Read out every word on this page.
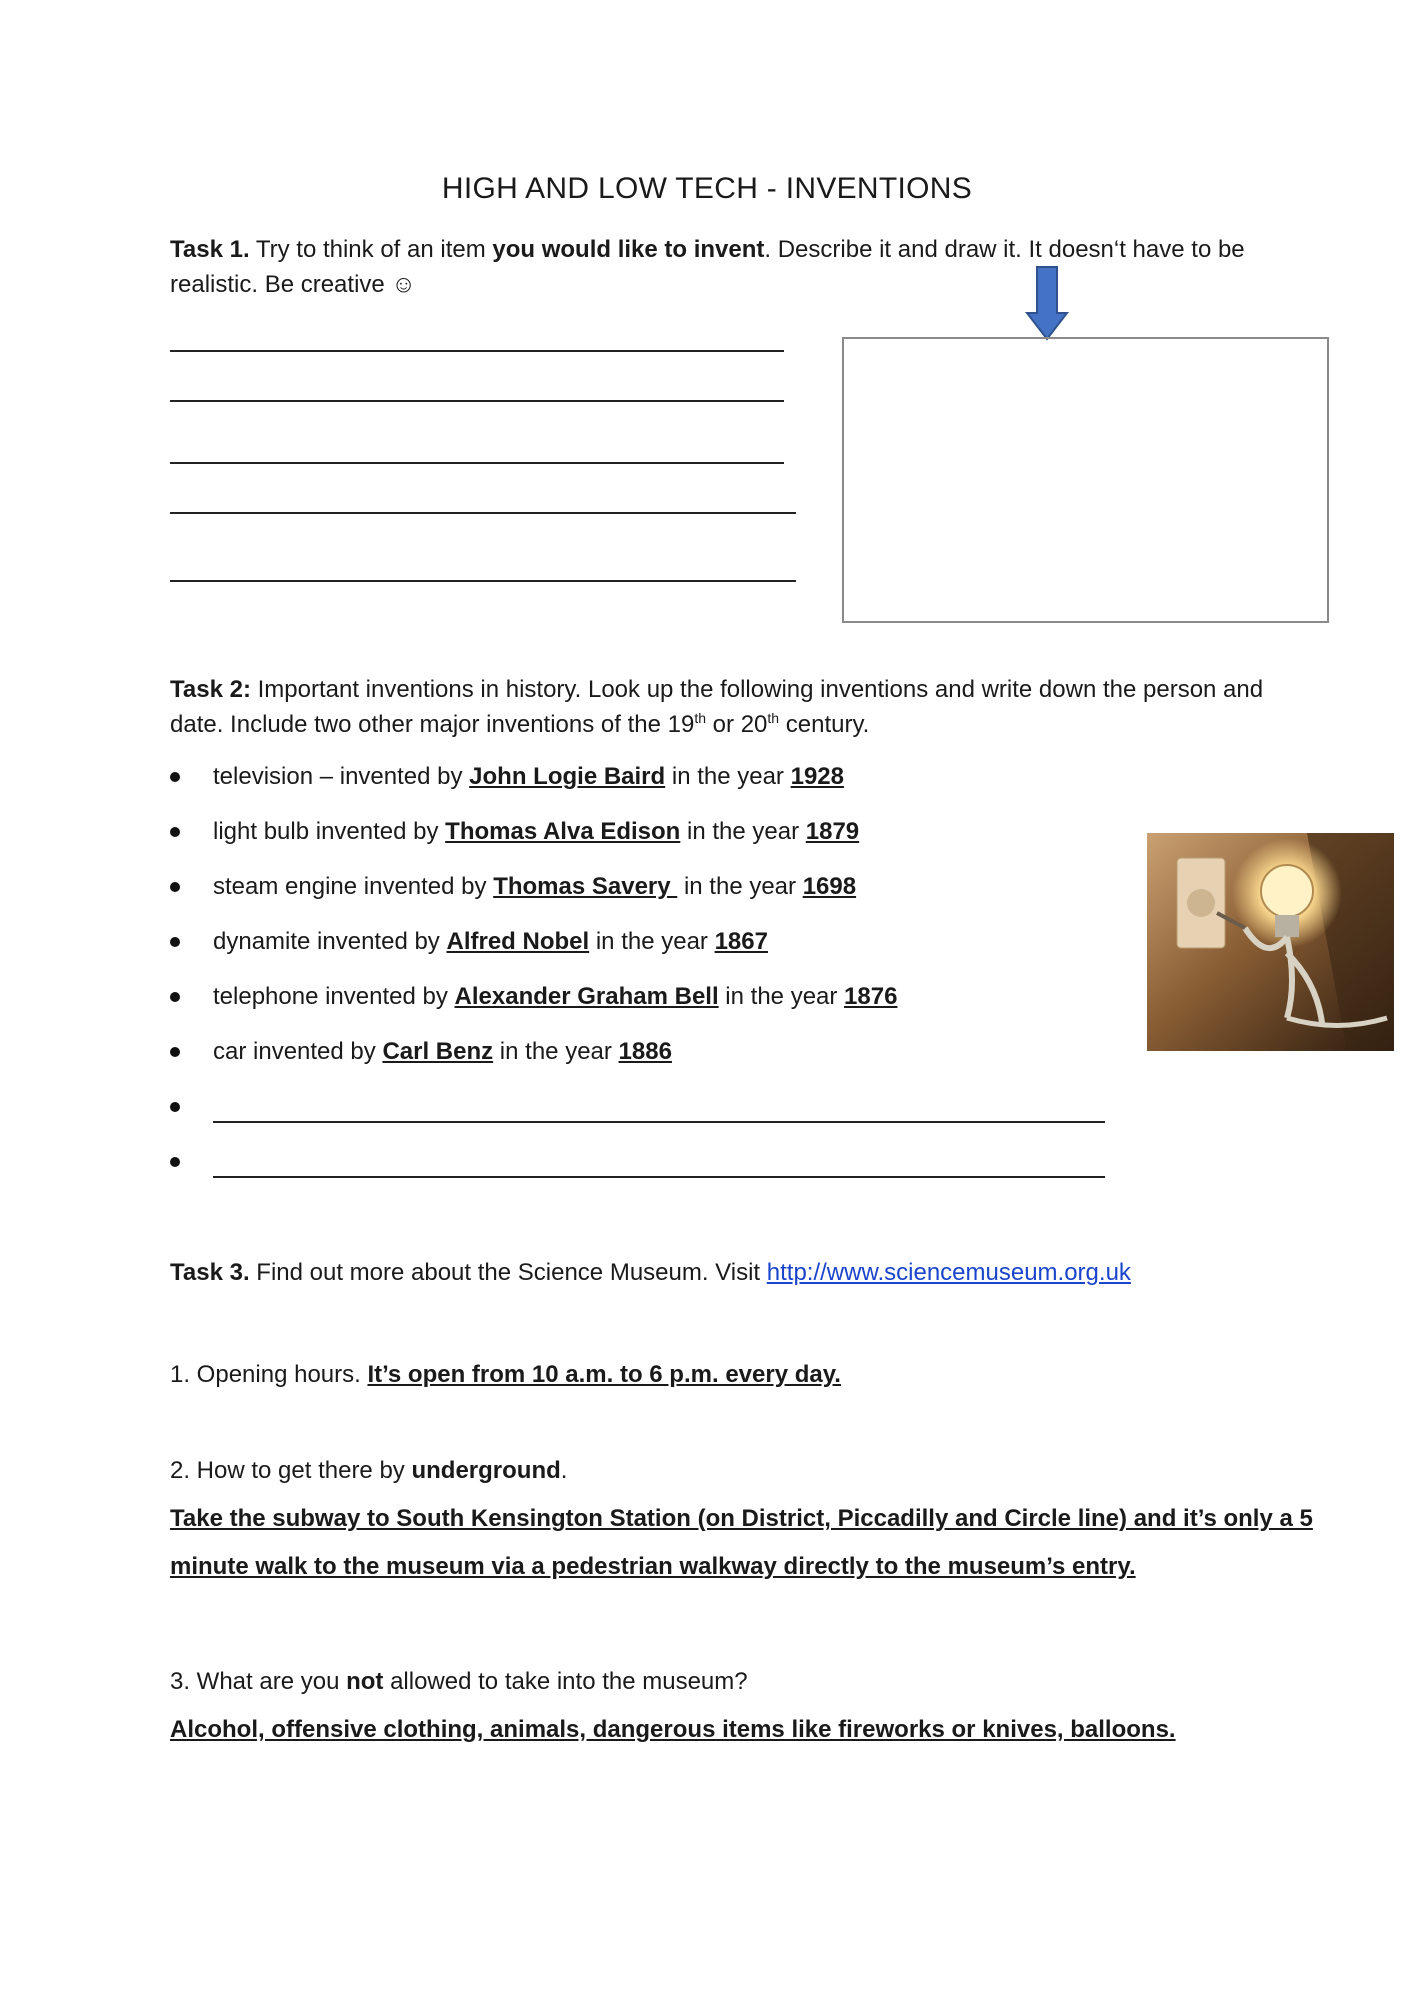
HIGH AND LOW TECH - INVENTIONS
Task 1. Try to think of an item you would like to invent. Describe it and draw it. It doesn‘t have to be realistic. Be creative ☺
Task 2: Important inventions in history. Look up the following inventions and write down the person and date. Include two other major inventions of the 19th or 20th century.
television – invented by John Logie Baird in the year 1928
light bulb invented by Thomas Alva Edison in the year 1879
steam engine invented by Thomas Savery  in the year 1698
dynamite invented by Alfred Nobel in the year 1867
telephone invented by Alexander Graham Bell in the year 1876
car invented by Carl Benz in the year 1886
Task 3. Find out more about the Science Museum. Visit http://www.sciencemuseum.org.uk
1. Opening hours. It’s open from 10 a.m. to 6 p.m. every day.
2. How to get there by underground.
Take the subway to South Kensington Station (on District, Piccadilly and Circle line) and it’s only a 5
minute walk to the museum via a pedestrian walkway directly to the museum’s entry.
3. What are you not allowed to take into the museum?
Alcohol, offensive clothing, animals, dangerous items like fireworks or knives, balloons.
